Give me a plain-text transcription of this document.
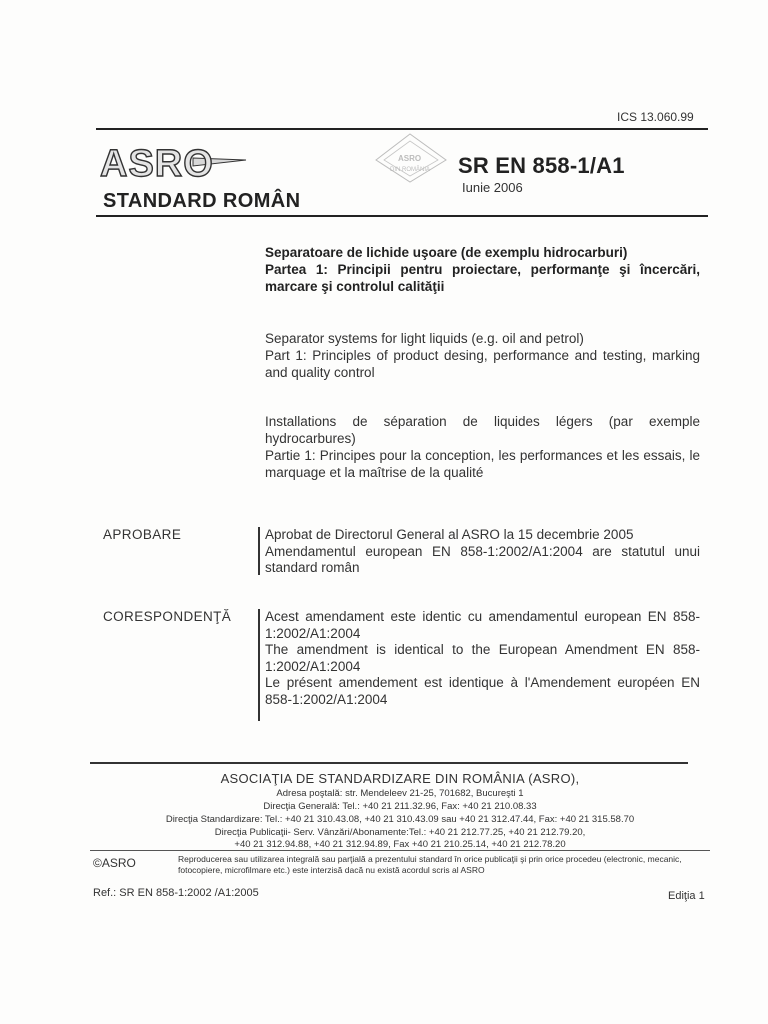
ICS 13.060.99
ASRO	ASRO
DIN ROMÂNIA SR EN 858-1/A1
Iunie 2006
STANDARD ROMÂN

Separatoare de lichide uşoare (de exemplu hidrocarburi)

Partea 1: Principii pentru proiectare, performanţe şi încercări, marcare şi controlul calităţii

Separator systems for light liquids (e.g. oil and petrol)

Part 1: Principles of product desing, performance and testing, marking and quality control

Installations de séparation de liquides légers (par exemple hydrocarbures)

Partie 1: Principes pour la conception, les performances et les essais, le marquage et la maîtrise de la qualité

APROBARE	Aprobat de Directorul General al ASRO la 15 decembrie 2005

Amendamentul european EN 858-1:2002/A1:2004 are statutul unui standard român

CORESPONDENŢĂ	Acest amendament este identic cu amendamentul european EN 858-1:2002/A1:2004

The amendment is identical to the European Amendment EN 858-1:2002/A1:2004

Le présent amendement est identique à l'Amendement européen EN 858-1:2002/A1:2004

ASOCIAŢIA DE STANDARDIZARE DIN ROMÂNIA (ASRO),
Adresa poştală: str. Mendeleev 21-25, 701682, Bucureşti 1
Direcţia Generală: Tel.: +40 21 211.32.96, Fax: +40 21 210.08.33
Direcţia Standardizare: Tel.: +40 21 310.43.08, +40 21 310.43.09 sau +40 21 312.47.44, Fax: +40 21 315.58.70
Direcţia Publicaţii- Serv. Vânzări/Abonamente:Tel.: +40 21 212.77.25, +40 21 212.79.20,
+40 21 312.94.88, +40 21 312.94.89, Fax +40 21 210.25.14, +40 21 212.78.20
©ASRO	Reproducerea sau utilizarea integrală sau parţială a prezentului standard în orice publicaţii şi prin orice procedeu (electronic, mecanic, fotocopiere, microfilmare etc.) este interzisă dacă nu există acordul scris al ASRO
Ref.: SR EN 858-1:2002 /A1:2005	Ediţia 1
